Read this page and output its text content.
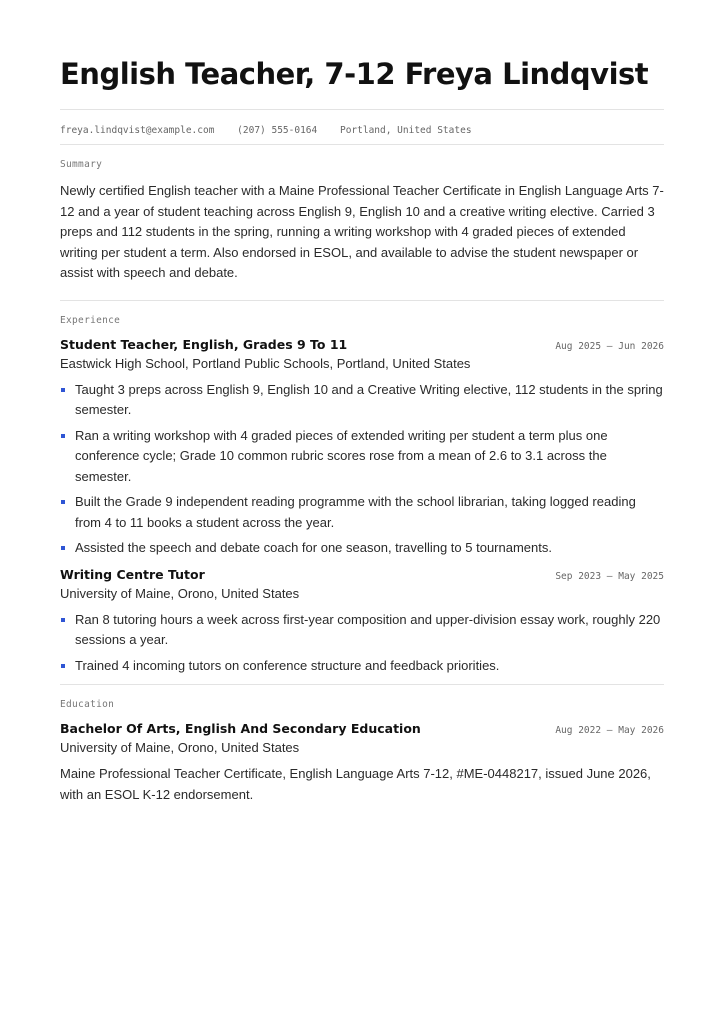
English Teacher, 7-12 Freya Lindqvist
freya.lindqvist@example.com (207) 555-0164 Portland, United States
Summary

Newly certified English teacher with a Maine Professional Teacher Certificate in English Language Arts 7-12 and a year of student teaching across English 9, English 10 and a creative writing elective. Carried 3 preps and 112 students in the spring, running a writing workshop with 4 graded pieces of extended writing per student a term. Also endorsed in ESOL, and available to advise the student newspaper or assist with speech and debate.

Experience
Student Teacher, English, Grades 9 To 11	Aug 2025 – Jun 2026
Eastwick High School, Portland Public Schools, Portland, United States
Taught 3 preps across English 9, English 10 and a Creative Writing elective, 112 students in the spring semester.
Ran a writing workshop with 4 graded pieces of extended writing per student a term plus one conference cycle; Grade 10 common rubric scores rose from a mean of 2.6 to 3.1 across the semester.
Built the Grade 9 independent reading programme with the school librarian, taking logged reading from 4 to 11 books a student across the year.
Assisted the speech and debate coach for one season, travelling to 5 tournaments.
Writing Centre Tutor	Sep 2023 – May 2025
University of Maine, Orono, United States
Ran 8 tutoring hours a week across first-year composition and upper-division essay work, roughly 220 sessions a year.
Trained 4 incoming tutors on conference structure and feedback priorities.
Education
Bachelor Of Arts, English And Secondary Education	Aug 2022 – May 2026
University of Maine, Orono, United States

Maine Professional Teacher Certificate, English Language Arts 7-12, #ME-0448217, issued June 2026, with an ESOL K-12 endorsement.
